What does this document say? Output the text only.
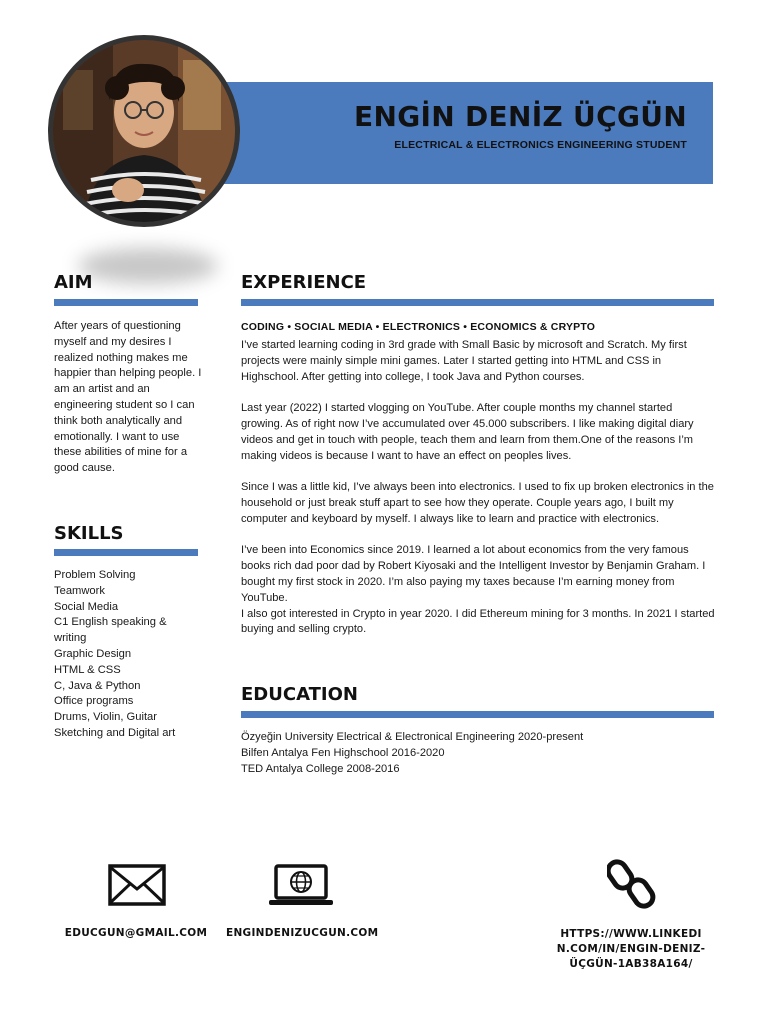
ENGİN DENİZ ÜÇGÜN
ELECTRICAL & ELECTRONICS ENGINEERING STUDENT
AIM
After years of questioning myself and my desires I realized nothing makes me happier than helping people. I am an artist and an engineering student so I can think both analytically and emotionally. I want to use these abilities of mine for a good cause.
SKILLS
Problem Solving
Teamwork
Social Media
C1 English speaking & writing
Graphic Design
HTML & CSS
C, Java & Python
Office programs
Drums, Violin, Guitar
Sketching and Digital art
EXPERIENCE
CODING • SOCIAL MEDIA • ELECTRONICS • ECONOMICS & CRYPTO

I’ve started learning coding in 3rd grade with Small Basic by microsoft and Scratch. My first projects were mainly simple mini games. Later I started getting into HTML and CSS in Highschool. After getting into college, I took Java and Python courses.

Last year (2022) I started vlogging on YouTube. After couple months my channel started growing. As of right now I’ve accumulated over 45.000 subscribers. I like making digital diary videos and get in touch with people, teach them and learn from them.One of the reasons I’m making videos is because I want to have an effect on peoples lives.

Since I was a little kid, I’ve always been into electronics. I used to fix up broken electronics in the household or just break stuff apart to see how they operate. Couple years ago, I built my computer and keyboard by myself. I always like to learn and practice with electronics.

I’ve been into Economics since 2019. I learned a lot about economics from the very famous books rich dad poor dad by Robert Kiyosaki and the Intelligent Investor by Benjamin Graham. I bought my first stock in 2020. I’m also paying my taxes because I’m earning money from YouTube.

I also got interested in Crypto in year 2020. I did Ethereum mining for 3 months. In 2021 I started buying and selling crypto.

EDUCATION
Özyeğin University Electrical & Electronical Engineering 2020-present
Bilfen Antalya Fen Highschool 2016-2020
TED Antalya College 2008-2016
EDUCGUN@GMAIL.COM	ENGINDENIZUCGUN.COM	HTTPS://WWW.LINKEDIN.COM/IN/ENGIN-DENIZ-ÜÇGÜN-1AB38A164/
